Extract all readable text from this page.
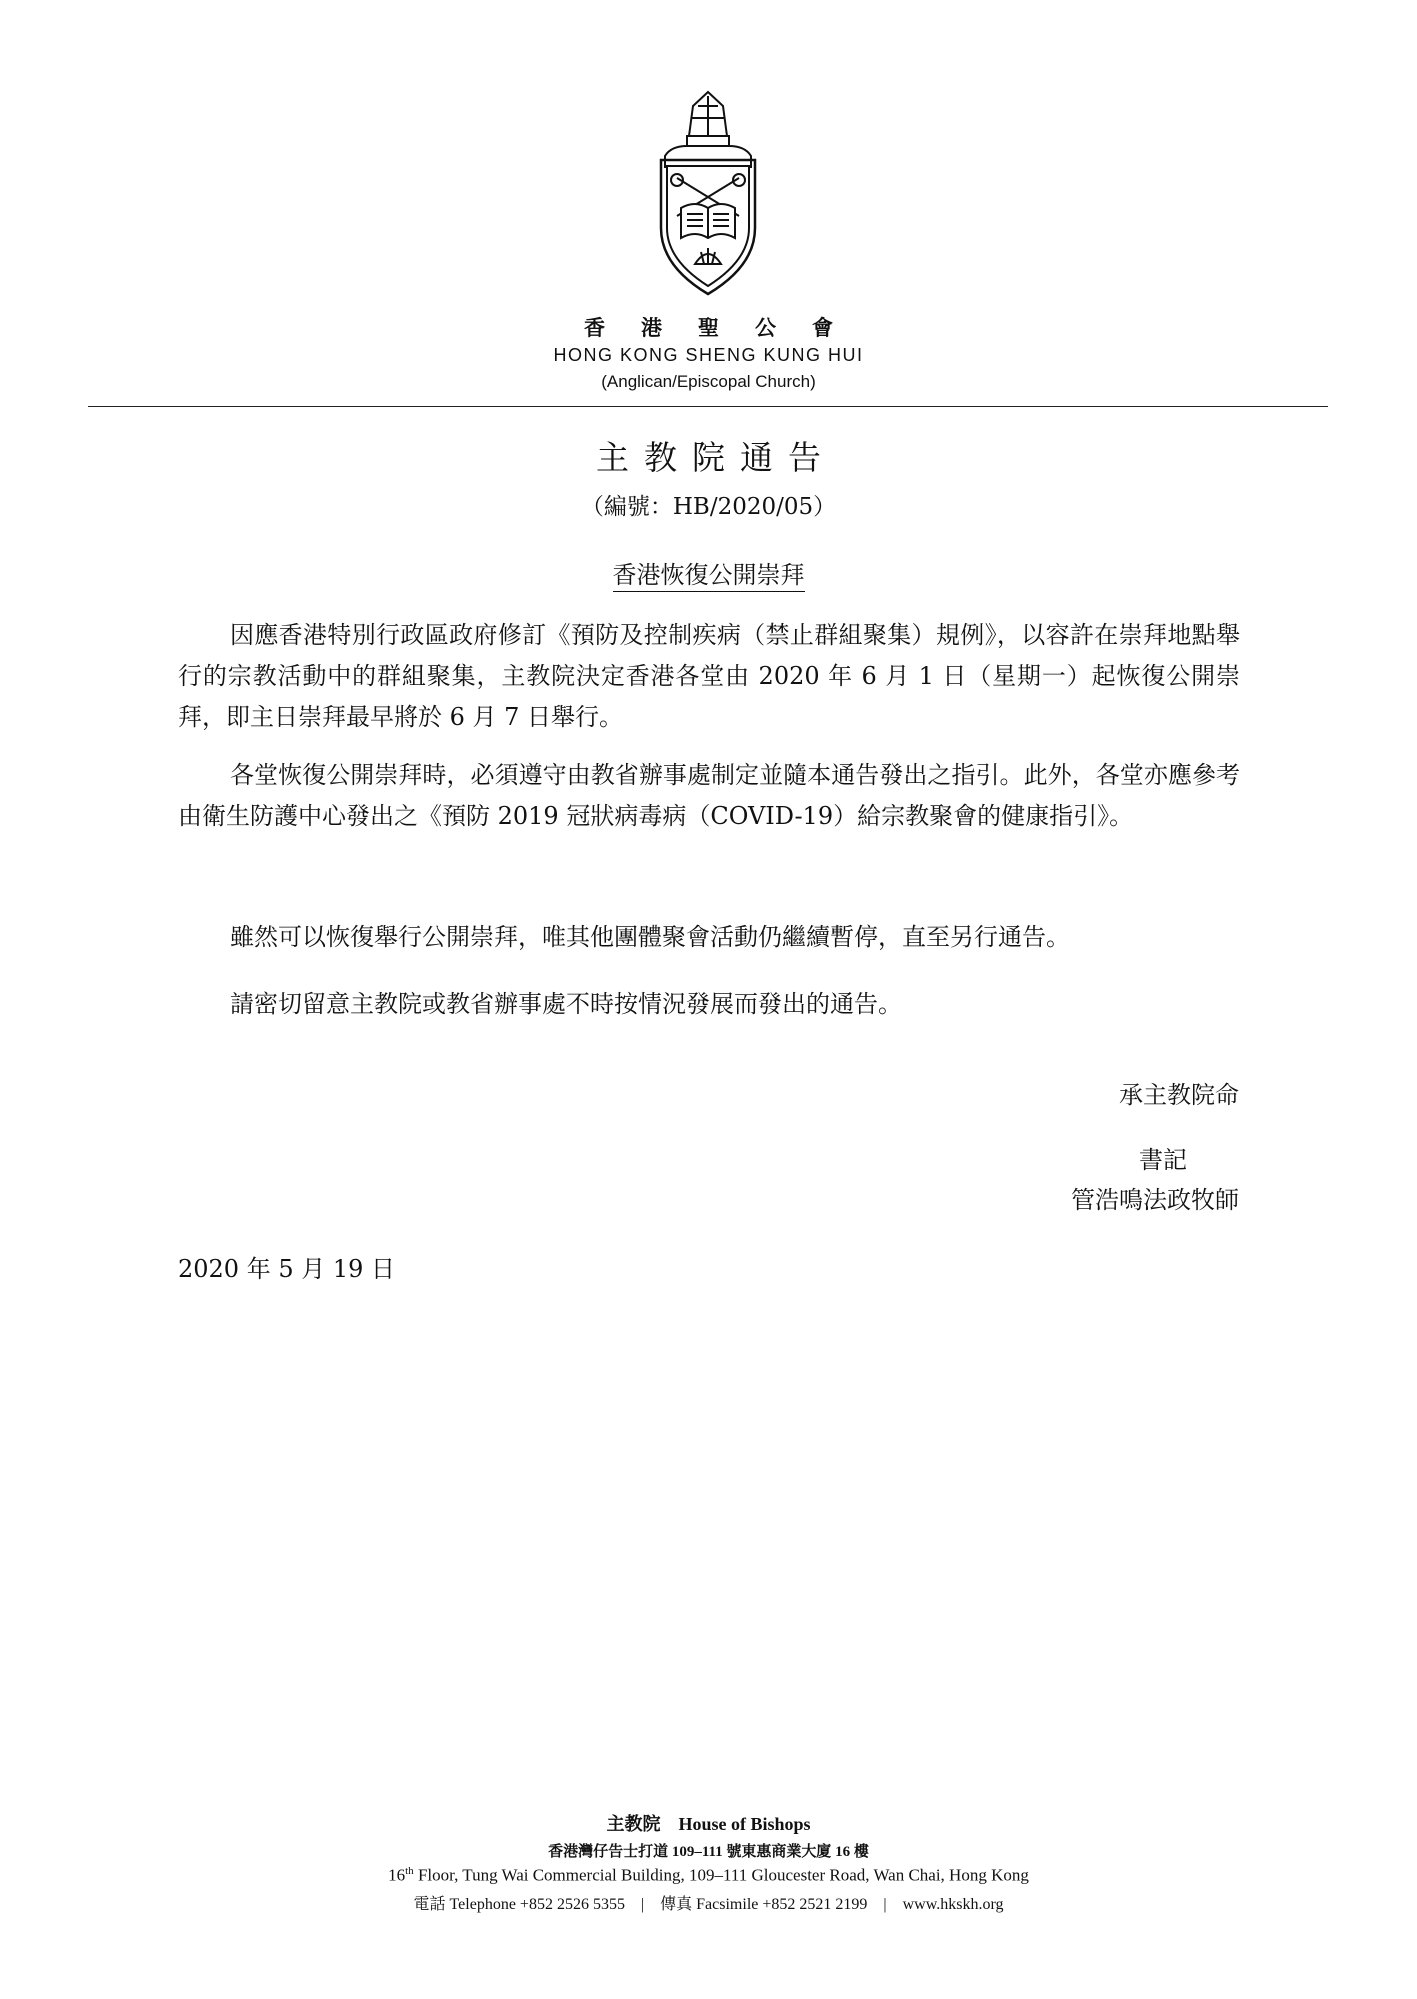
香港聖公會
HONG KONG SHENG KUNG HUI
(Anglican/Episcopal Church)
主教院通告
（編號：HB/2020/05）
香港恢復公開崇拜

因應香港特別行政區政府修訂《預防及控制疾病（禁止群組聚集）規例》，以容許在崇拜地點舉行的宗教活動中的群組聚集，主教院決定香港各堂由 2020 年 6 月 1 日（星期一）起恢復公開崇拜，即主日崇拜最早將於 6 月 7 日舉行。

各堂恢復公開崇拜時，必須遵守由教省辦事處制定並隨本通告發出之指引。此外，各堂亦應參考由衛生防護中心發出之《預防 2019 冠狀病毒病（COVID-19）給宗教聚會的健康指引》。

雖然可以恢復舉行公開崇拜，唯其他團體聚會活動仍繼續暫停，直至另行通告。

請密切留意主教院或教省辦事處不時按情況發展而發出的通告。

承主教院命
書記
管浩鳴法政牧師
2020 年 5 月 19 日
主教院　House of Bishops
香港灣仔告士打道 109–111 號東惠商業大廈 16 樓
16th Floor, Tung Wai Commercial Building, 109–111 Gloucester Road, Wan Chai, Hong Kong
電話 Telephone +852 2526 5355　|　傳真 Facsimile +852 2521 2199　|　www.hkskh.org
